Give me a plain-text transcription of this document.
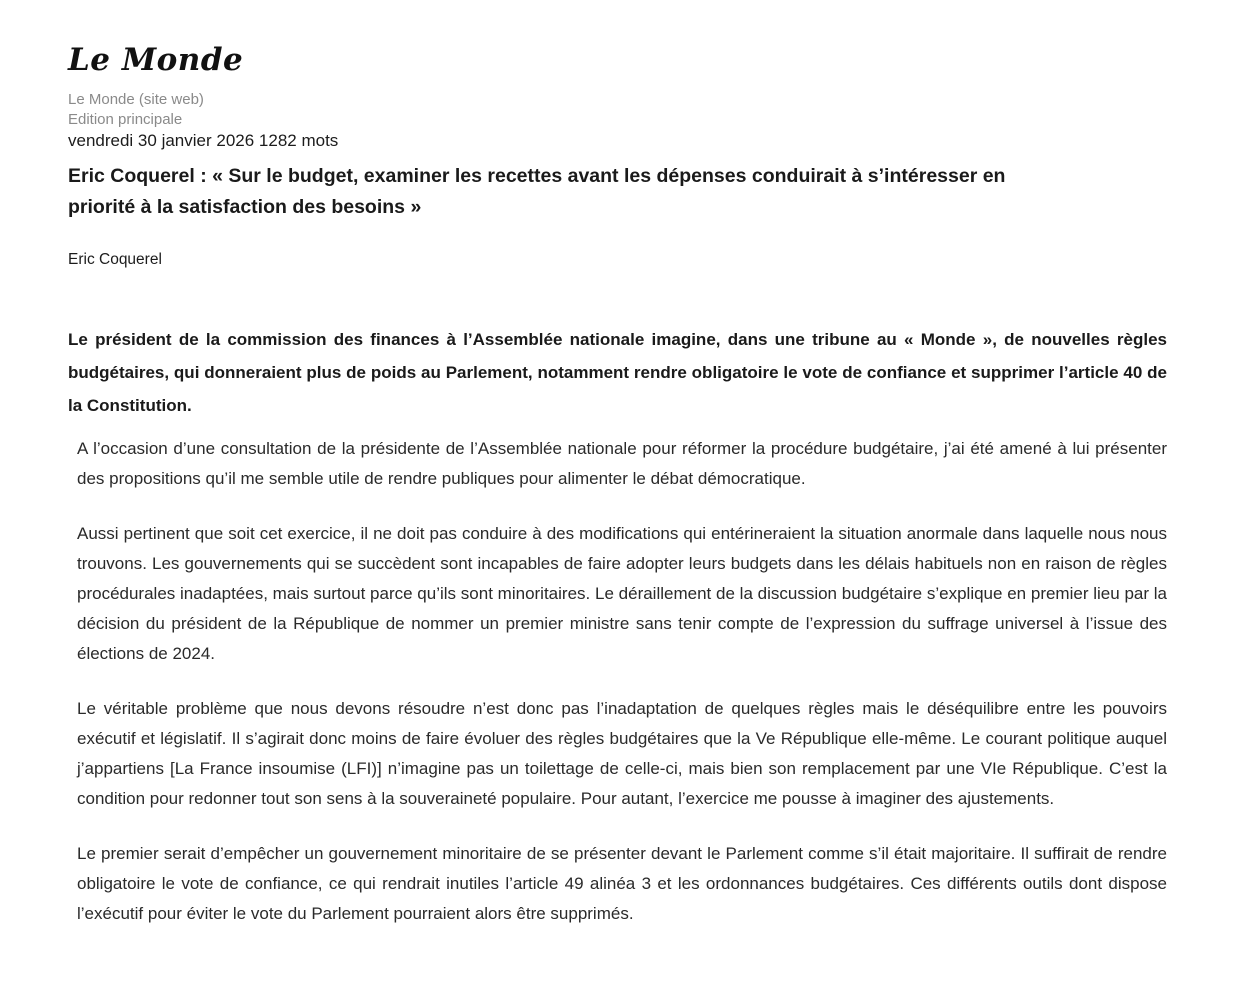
Le Monde
Le Monde (site web)
Edition principale
vendredi 30 janvier 2026 1282 mots
Eric Coquerel : « Sur le budget, examiner les recettes avant les dépenses conduirait à s’intéresser en priorité à la satisfaction des besoins »
Eric Coquerel

Le président de la commission des finances à l’Assemblée nationale imagine, dans une tribune au « Monde », de nouvelles règles budgétaires, qui donneraient plus de poids au Parlement, notamment rendre obligatoire le vote de confiance et supprimer l’article 40 de la Constitution.

A l’occasion d’une consultation de la présidente de l’Assemblée nationale pour réformer la procédure budgétaire, j’ai été amené à lui présenter des propositions qu’il me semble utile de rendre publiques pour alimenter le débat démocratique.

Aussi pertinent que soit cet exercice, il ne doit pas conduire à des modifications qui entérineraient la situation anormale dans laquelle nous nous trouvons. Les gouvernements qui se succèdent sont incapables de faire adopter leurs budgets dans les délais habituels non en raison de règles procédurales inadaptées, mais surtout parce qu’ils sont minoritaires. Le déraillement de la discussion budgétaire s’explique en premier lieu par la décision du président de la République de nommer un premier ministre sans tenir compte de l’expression du suffrage universel à l’issue des élections de 2024.

Le véritable problème que nous devons résoudre n’est donc pas l’inadaptation de quelques règles mais le déséquilibre entre les pouvoirs exécutif et législatif. Il s’agirait donc moins de faire évoluer des règles budgétaires que la Ve République elle-même. Le courant politique auquel j’appartiens [La France insoumise (LFI)] n’imagine pas un toilettage de celle-ci, mais bien son remplacement par une VIe République. C’est la condition pour redonner tout son sens à la souveraineté populaire. Pour autant, l’exercice me pousse à imaginer des ajustements.

Le premier serait d’empêcher un gouvernement minoritaire de se présenter devant le Parlement comme s’il était majoritaire. Il suffirait de rendre obligatoire le vote de confiance, ce qui rendrait inutiles l’article 49 alinéa 3 et les ordonnances budgétaires. Ces différents outils dont dispose l’exécutif pour éviter le vote du Parlement pourraient alors être supprimés.
